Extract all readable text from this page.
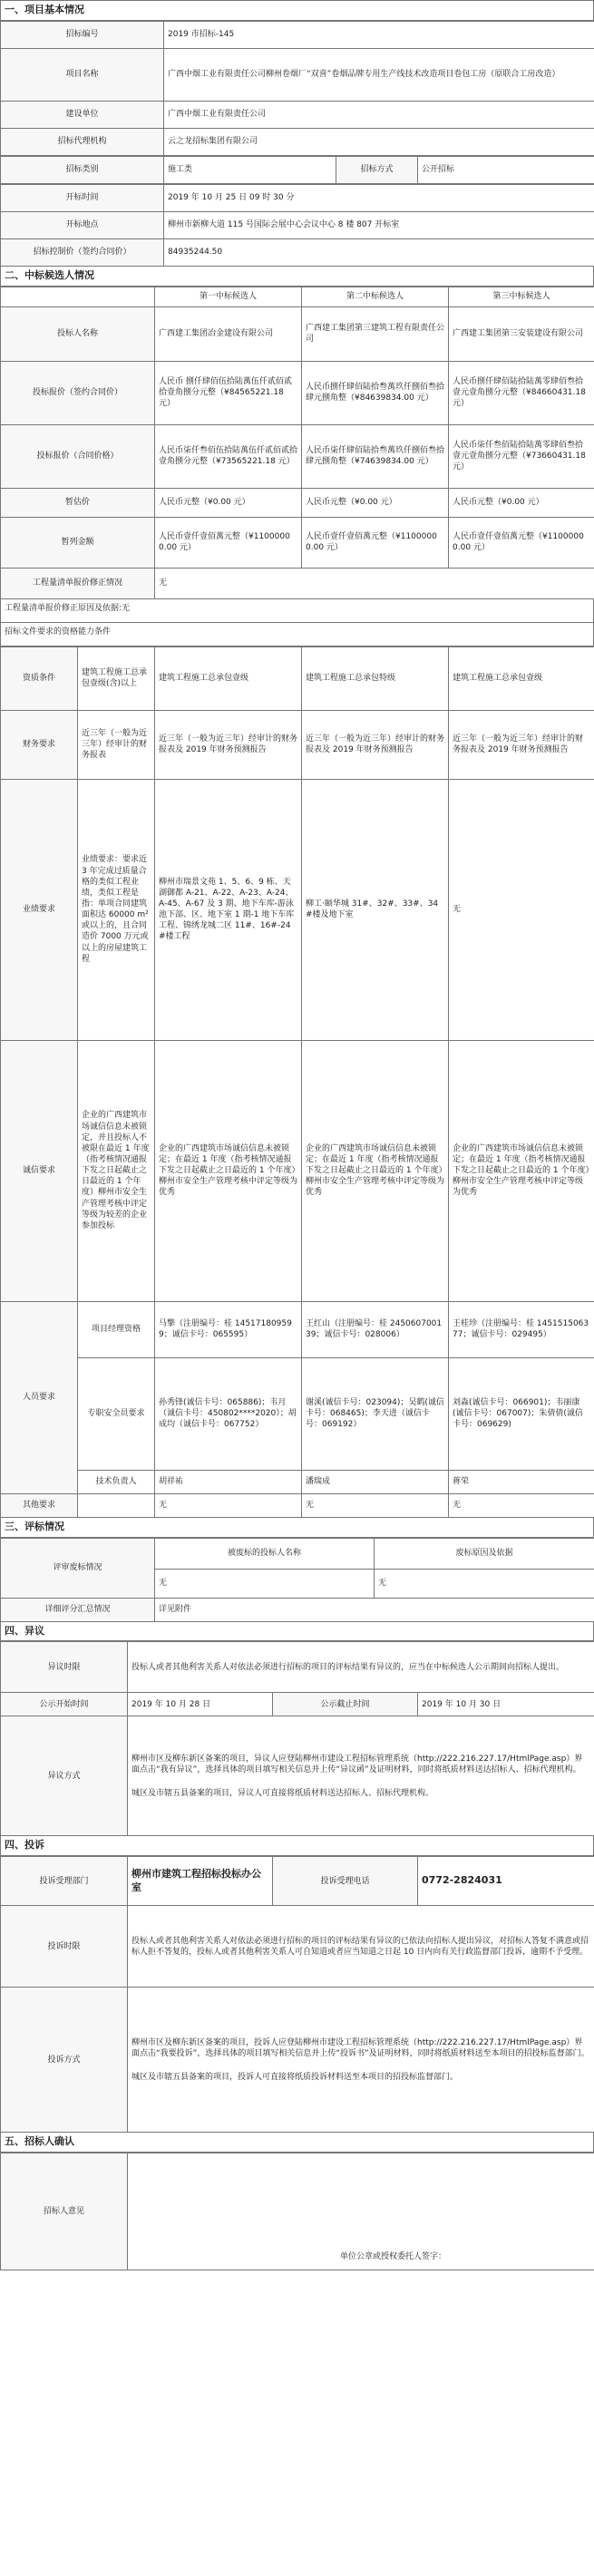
一、项目基本情况
招标编号	2019 市招标-145
项目名称	广西中烟工业有限责任公司柳州卷烟厂“双喜”卷烟品牌专用生产线技术改造项目卷包工房（原联合工房改造）
建设单位	广西中烟工业有限责任公司
招标代理机构	云之龙招标集团有限公司
招标类别	施工类	招标方式	公开招标
开标时间	2019 年 10 月 25 日 09 时 30 分
开标地点	柳州市新柳大道 115 号国际会展中心会议中心 8 楼 807 开标室
招标控制价（签约合同价）	84935244.50
二、中标候选人情况
	第一中标候选人	第二中标候选人	第三中标候选人
投标人名称	广西建工集团冶金建设有限公司	广西建工集团第三建筑工程有限责任公司	广西建工集团第三安装建设有限公司
投标报价（签约合同价）	人民币 捌仟肆佰伍拾陆萬伍仟贰佰贰拾壹角捌分元整（¥84565221.18 元）	人民币捌仟肆佰陆拾叁萬玖仟捌佰叁拾肆元捌角整（¥84639834.00 元）	人民币捌仟肆佰陆拾陆萬零肆佰叁拾壹元壹角捌分元整（¥84660431.18 元）
投标报价（合同价格）	人民币柒仟叁佰伍拾陆萬伍仟贰佰贰拾壹角捌分元整（¥73565221.18 元）	人民币柒仟肆佰陆拾叁萬玖仟捌佰叁拾肆元捌角整（¥74639834.00 元）	人民币柒仟叁佰陆拾陆萬零肆佰叁拾壹元壹角捌分元整（¥73660431.18 元）
暂估价	人民币元整（¥0.00 元）	人民币元整（¥0.00 元）	人民币元整（¥0.00 元）
暂列金额	人民币壹仟壹佰萬元整（¥11000000.00 元）	人民币壹仟壹佰萬元整（¥11000000.00 元）	人民币壹仟壹佰萬元整（¥11000000.00 元）
工程量清单报价修正情况	无		
工程量清单报价修正原因及依据:无
招标文件要求的资格能力条件
资质条件	建筑工程施工总承包壹级(含)以上	建筑工程施工总承包壹级	建筑工程施工总承包特级	建筑工程施工总承包壹级
财务要求	近三年（一般为近三年）经审计的财务报表	近三年（一般为近三年）经审计的财务报表及 2019 年财务预测报告	近三年（一般为近三年）经审计的财务报表及 2019 年财务预测报告	近三年（一般为近三年）经审计的财务报表及 2019 年财务预测报告
业绩要求	业绩要求：要求近 3 年完成过质量合格的类似工程业绩，类似工程是指：单项合同建筑面积达 60000 m²或以上的，且合同造价 7000 万元或以上的房屋建筑工程	柳州市瑞景文苑 1、5、6、9 栋、天湖御都 A-21、A-22、A-23、A-24、A-45、A-67 及 3 期、地下车库-游泳池下部、区、地下室 1 期-1 地下车库工程、锦绣龙城二区 11#、16#-24#楼工程	柳工·颐华城 31#、32#、33#、34#楼及地下室	无
诚信要求	企业的广西建筑市场诚信信息未被锁定，并且投标人不被限在最近 1 年度（指考核情况通报下发之日起截止之日最近的 1 个年度）柳州市安全生产管理考核中评定等级为较差的企业参加投标	企业的广西建筑市场诚信信息未被锁定；在最近 1 年度（指考核情况通报下发之日起截止之日最近的 1 个年度）柳州市安全生产管理考核中评定等级为优秀	企业的广西建筑市场诚信信息未被锁定；在最近 1 年度（指考核情况通报下发之日起截止之日最近的 1 个年度）柳州市安全生产管理考核中评定等级为优秀	企业的广西建筑市场诚信信息未被锁定；在最近 1 年度（指考核情况通报下发之日起截止之日最近的 1 个年度）柳州市安全生产管理考核中评定等级为优秀
人员要求	项目经理资格	马擎（注册编号：桂 145171809599；诚信卡号：065595）	王红山（注册编号：桂 245060700139；诚信卡号：028006）	王桂珍（注册编号：桂 145151506377；诚信卡号：029495）
	专职安全员要求	孙秀锋(诚信卡号：065886)；韦月（诚信卡号：450802****2020）；胡成均（诚信卡号：067752）	谢溪(诚信卡号：023094)；吴鹤(诚信卡号：068465)；李天进（诚信卡号：069192）	刘淼(诚信卡号：066901)；韦丽康(诚信卡号：067007)；朱倩倩(诚信卡号：069629)
	技术负责人	胡祥祐	潘瑞成	蒋荣
其他要求		无	无	无
三、评标情况
评审废标情况	被废标的投标人名称	废标原因及依据
	无	无
详细评分汇总情况	详见附件	
四、异议
异议时限	投标人或者其他利害关系人对依法必须进行招标的项目的评标结果有异议的，应当在中标候选人公示期间向招标人提出。		
公示开始时间	2019 年 10 月 28 日	公示截止时间	2019 年 10 月 30 日
异议方式	柳州市区及柳东新区备案的项目，异议人应登陆柳州市建设工程招标管理系统（http://222.216.227.17/HtmlPage.asp）界面点击“我有异议”，选择具体的项目填写相关信息并上传“异议函”及证明材料，同时将纸质材料送达招标人、招标代理机构。
城区及市辖五县备案的项目，异议人可直接将纸质材料送达招标人、招标代理机构。		
四、投诉
投诉受理部门	柳州市建筑工程招标投标办公室	投诉受理电话	0772-2824031
投诉时限	投标人或者其他利害关系人对依法必须进行招标的项目的评标结果有异议的已依法向招标人提出异议，对招标人答复不满意或招标人拒不答复的，投标人或者其他利害关系人可自知道或者应当知道之日起 10 日内向有关行政监督部门投诉，逾期不予受理。		
投诉方式	柳州市区及柳东新区备案的项目，投诉人应登陆柳州市建设工程招标管理系统（http://222.216.227.17/HtmlPage.asp）界面点击“我要投诉”，选择具体的项目填写相关信息并上传“投诉书”及证明材料，同时将纸质材料送至本项目的招投标监督部门。
城区及市辖五县备案的项目，投诉人可直接将纸质投诉材料送至本项目的招投标监督部门。		
五、招标人确认
招标人意见	
单位公章或授权委托人签字：
